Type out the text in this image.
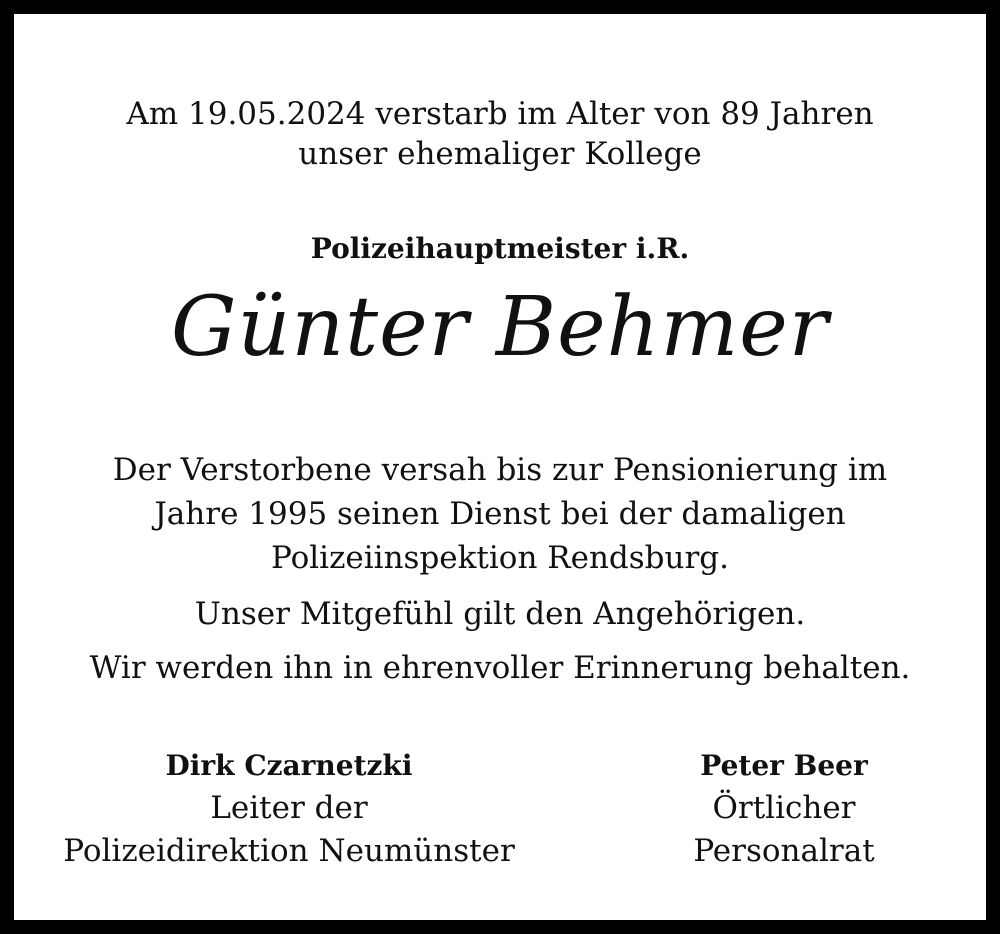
Am 19.05.2024 verstarb im Alter von 89 Jahren
unser ehemaliger Kollege
Polizeihauptmeister i.R.
Günter Behmer
Der Verstorbene versah bis zur Pensionierung im
Jahre 1995 seinen Dienst bei der damaligen
Polizeiinspektion Rendsburg.
Unser Mitgefühl gilt den Angehörigen.
Wir werden ihn in ehrenvoller Erinnerung behalten.
Dirk Czarnetzki
Leiter der
Polizeidirektion Neumünster
Peter Beer
Örtlicher
Personalrat
